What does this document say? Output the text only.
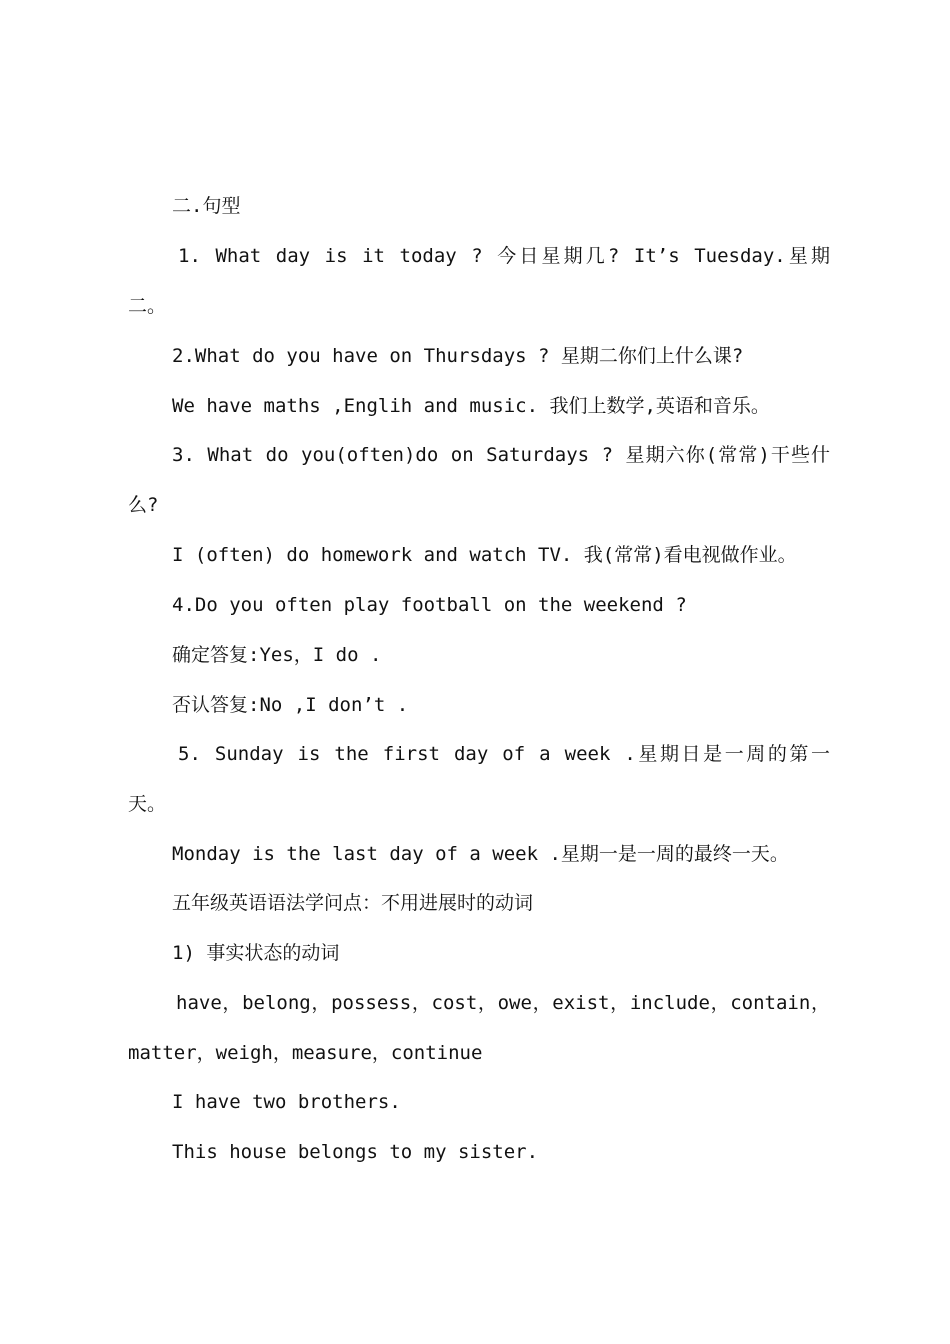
二.句型
1. What day is it today ? 今日星期几? It’s Tuesday.星期
二。
2.What do you have on Thursdays ? 星期二你们上什么课?
We have maths ,Englih and music. 我们上数学,英语和音乐。
3. What do you(often)do on Saturdays ? 星期六你(常常)干些什
么?
I (often) do homework and watch TV. 我(常常)看电视做作业。
4.Do you often play football on the weekend ?
确定答复:Yes，I do .
否认答复:No ,I don’t .
5. Sunday is the first day of a week .星期日是一周的第一
天。
Monday is the last day of a week .星期一是一周的最终一天。
五年级英语语法学问点：不用进展时的动词
1) 事实状态的动词
have，belong，possess，cost，owe，exist，include，contain，
matter，weigh，measure，continue
I have two brothers.
This house belongs to my sister.
